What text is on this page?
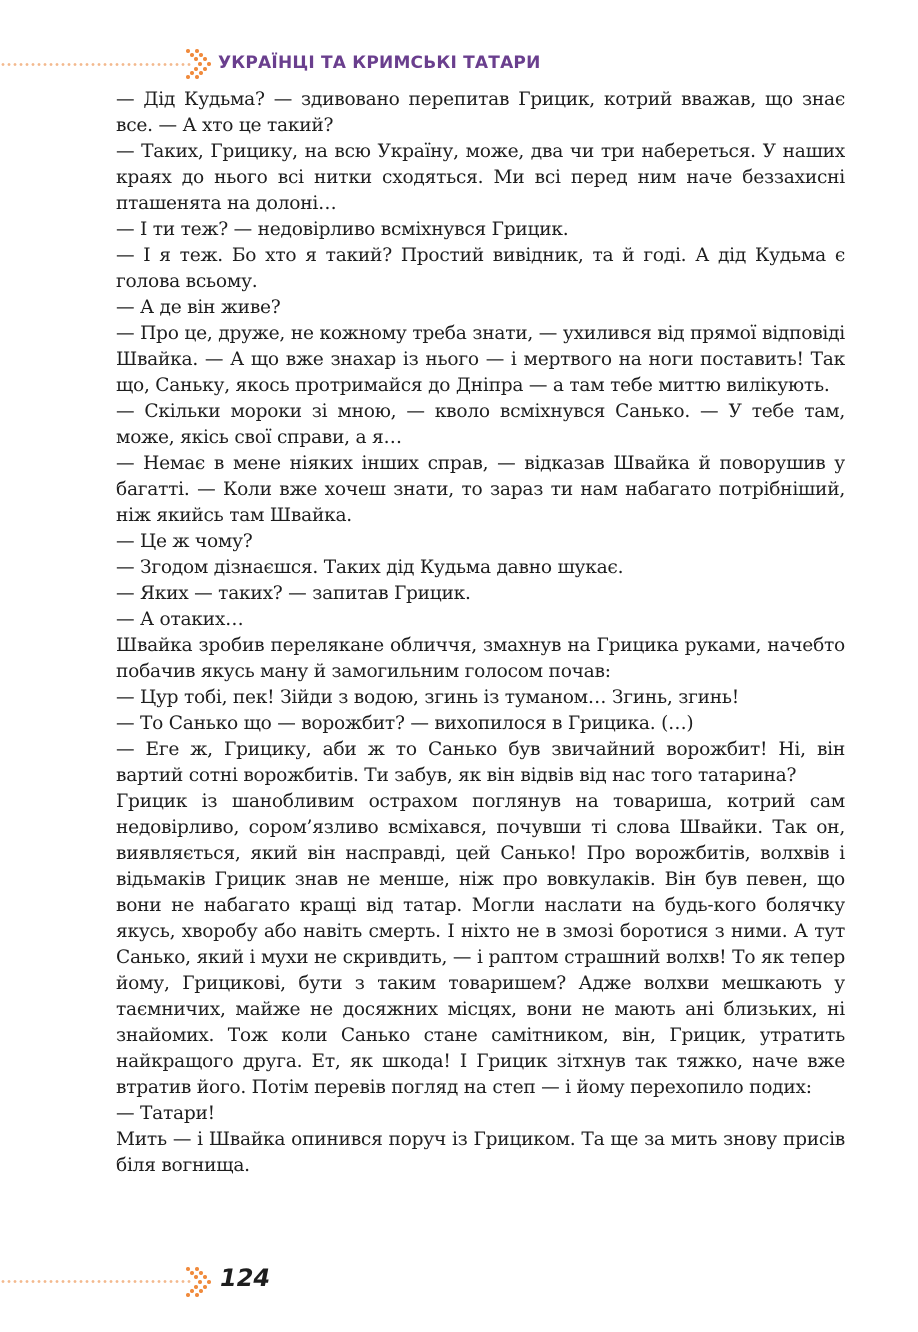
УКРАЇНЦІ ТА КРИМСЬКІ ТАТАРИ

— Дід Кудьма? — здивовано перепитав Грицик, котрий вважав, що знає все. — А хто це такий?

— Таких, Грицику, на всю Україну, може, два чи три набереться. У наших краях до нього всі нитки сходяться. Ми всі перед ним наче беззахисні пташенята на долоні…

— І ти теж? — недовірливо всміхнувся Грицик.

— І я теж. Бо хто я такий? Простий вивідник, та й годі. А дід Кудьма є голова всьому.

— А де він живе?

— Про це, друже, не кожному треба знати, — ухилився від прямої відповіді Швайка. — А що вже знахар із нього — і мертвого на ноги поставить! Так що, Саньку, якось протримайся до Дніпра — а там тебе миттю вилікують.

— Скільки мороки зі мною, — кволо всміхнувся Санько. — У тебе там, може, якісь свої справи, а я…

— Немає в мене ніяких інших справ, — відказав Швайка й поворушив у багатті. — Коли вже хочеш знати, то зараз ти нам набагато потрібніший, ніж якийсь там Швайка.

— Це ж чому?

— Згодом дізнаєшся. Таких дід Кудьма давно шукає.

— Яких — таких? — запитав Грицик.

— А отаких…

Швайка зробив перелякане обличчя, змахнув на Грицика руками, начебто побачив якусь ману й замогильним голосом почав:

— Цур тобі, пек! Зійди з водою, згинь із туманом… Згинь, згинь!

— То Санько що — ворожбит? — вихопилося в Грицика. (…)

— Еге ж, Грицику, аби ж то Санько був звичайний ворожбит! Ні, він вартий сотні ворожбитів. Ти забув, як він відвів від нас того татарина?

Грицик із шанобливим острахом поглянув на товариша, котрий сам недовірливо, сором’язливо всміхався, почувши ті слова Швайки. Так он, виявляється, який він насправді, цей Санько! Про ворожбитів, волхвів і відьмаків Грицик знав не менше, ніж про вовкулаків. Він був певен, що вони не набагато кращі від татар. Могли наслати на будь-кого болячку якусь, хворобу або навіть смерть. І ніхто не в змозі боротися з ними. А тут Санько, який і мухи не скривдить, — і раптом страшний волхв! То як тепер йому, Грицикові, бути з таким товаришем? Адже волхви мешкають у таємничих, майже не досяжних місцях, вони не мають ані близьких, ні знайомих. Тож коли Санько стане самітником, він, Грицик, утратить найкращого друга. Ет, як шкода! І Грицик зітхнув так тяжко, наче вже втратив його. Потім перевів погляд на степ — і йому перехопило подих:

— Татари!

Мить — і Швайка опинився поруч із Грициком. Та ще за мить знову присів біля вогнища.

124
